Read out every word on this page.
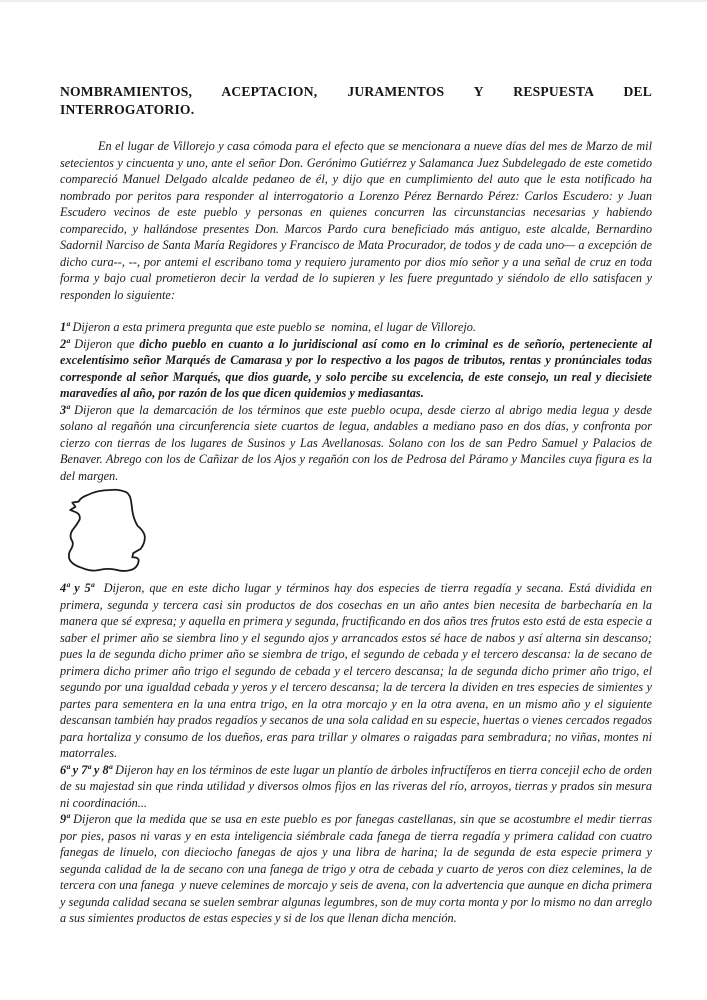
NOMBRAMIENTOS, ACEPTACION, JURAMENTOS Y RESPUESTA DEL
INTERROGATORIO.

En el lugar de Villorejo y casa cómoda para el efecto que se mencionara a nueve días del mes de Marzo de mil setecientos y cincuenta y uno, ante el señor Don. Gerónimo Gutiérrez y Salamanca Juez Subdelegado de este cometido compareció Manuel Delgado alcalde pedaneo de él, y dijo que en cumplimiento del auto que le esta notificado ha nombrado por peritos para responder al interrogatorio a Lorenzo Pérez Bernardo Pérez: Carlos Escudero: y Juan Escudero vecinos de este pueblo y personas en quienes concurren las circunstancias necesarias y habiendo comparecido, y hallándose presentes Don. Marcos Pardo cura beneficiado más antiguo, este alcalde, Bernardino Sadornil Narciso de Santa María Regidores y Francisco de Mata Procurador, de todos y de cada uno— a excepción de dicho cura--, --, por antemi el escribano toma y requiero juramento por dios mío señor y a una señal de cruz en toda forma y bajo cual prometieron decir la verdad de lo supieren y les fuere preguntado y siéndolo de ello satisfacen y responden lo siguiente:

1ª Dijeron a esta primera pregunta que este pueblo se  nomina, el lugar de Villorejo.

2ª Dijeron que dicho pueblo en cuanto a lo juridiscional así como en lo criminal es de señorío, perteneciente al excelentísimo señor Marqués de Camarasa y por lo respectivo a los pagos de tributos, rentas y pronúnciales todas corresponde al señor Marqués, que dios guarde, y solo percibe su excelencia, de este consejo, un real y diecisiete maravedíes al año, por razón de los que dicen quidemios y mediasantas.

3ª Dijeron que la demarcación de los términos que este pueblo ocupa, desde cierzo al abrigo media legua y desde solano al regañón una circunferencia siete cuartos de legua, andables a mediano paso en dos días, y confronta por cierzo con tierras de los lugares de Susinos y Las Avellanosas. Solano con los de san Pedro Samuel y Palacios de Benaver. Abrego con los de Cañizar de los Ajos y regañón con los de Pedrosa del Páramo y Manciles cuya figura es la del margen.

4ª y 5ª  Dijeron, que en este dicho lugar y términos hay dos especies de tierra regadía y secana. Está dividida en primera, segunda y tercera casi sin productos de dos cosechas en un año antes bien necesita de barbecharía en la manera que sé expresa; y aquella en primera y segunda, fructificando en dos años tres frutos esto está de esta especie a saber el primer año se siembra lino y el segundo ajos y arrancados estos sé hace de nabos y así alterna sin descanso; pues la de segunda dicho primer año se siembra de trigo, el segundo de cebada y el tercero descansa: la de secano de primera dicho primer año trigo el segundo de cebada y el tercero descansa; la de segunda dicho primer año trigo, el segundo por una igualdad cebada y yeros y el tercero descansa; la de tercera la dividen en tres especies de simientes y partes para sementera en la una entra trigo, en la otra morcajo y en la otra avena, en un mismo año y el siguiente descansan también hay prados regadíos y secanos de una sola calidad en su especie, huertas o vienes cercados regados para hortaliza y consumo de los dueños, eras para trillar y olmares o raigadas para sembradura; no viñas, montes ni matorrales.

6ª y 7ª y 8ª Dijeron hay en los términos de este lugar un plantío de árboles infructíferos en tierra concejil echo de orden de su majestad sin que rinda utilidad y diversos olmos fijos en las riveras del río, arroyos, tierras y prados sin mesura ni coordinación...

9ª Dijeron que la medida que se usa en este pueblo es por fanegas castellanas, sin que se acostumbre el medir tierras por pies, pasos ni varas y en esta inteligencia siémbrale cada fanega de tierra regadía y primera calidad con cuatro fanegas de linuelo, con dieciocho fanegas de ajos y una libra de harina; la de segunda de esta especie primera y segunda calidad de la de secano con una fanega de trigo y otra de cebada y cuarto de yeros con diez celemines, la de tercera con una fanega  y nueve celemines de morcajo y seis de avena, con la advertencia que aunque en dicha primera y segunda calidad secana se suelen sembrar algunas legumbres, son de muy corta monta y por lo mismo no dan arreglo a sus simientes productos de estas especies y si de los que llenan dicha mención.
